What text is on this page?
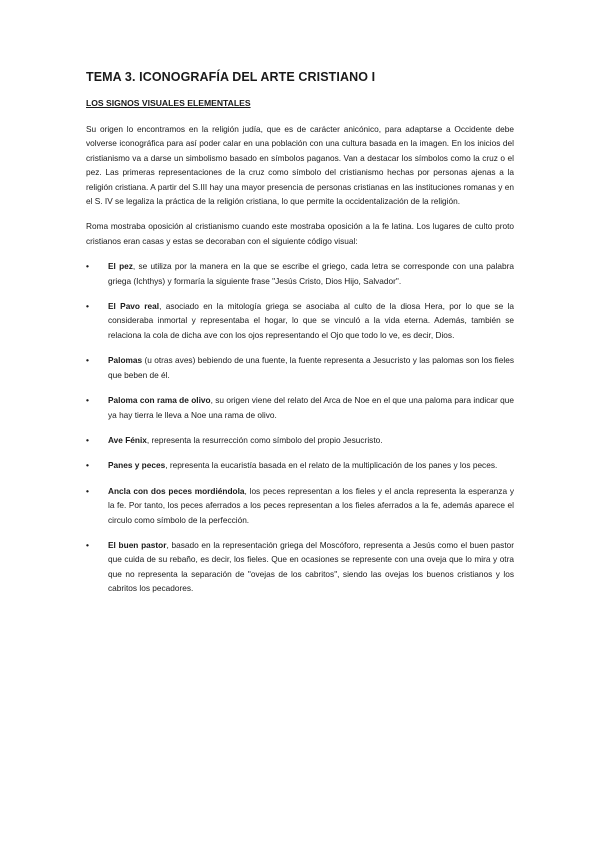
TEMA 3. ICONOGRAFÍA DEL ARTE CRISTIANO I
LOS SIGNOS VISUALES ELEMENTALES

Su origen lo encontramos en la religión judía, que es de carácter anicónico, para adaptarse a Occidente debe volverse iconográfica para así poder calar en una población con una cultura basada en la imagen. En los inicios del cristianismo va a darse un simbolismo basado en símbolos paganos. Van a destacar los símbolos como la cruz o el pez. Las primeras representaciones de la cruz como símbolo del cristianismo hechas por personas ajenas a la religión cristiana. A partir del S.III hay una mayor presencia de personas cristianas en las instituciones romanas y en el S. IV se legaliza la práctica de la religión cristiana, lo que permite la occidentalización de la religión.

Roma mostraba oposición al cristianismo cuando este mostraba oposición a la fe latina. Los lugares de culto proto cristianos eran casas y estas se decoraban con el siguiente código visual:

• El pez, se utiliza por la manera en la que se escribe el griego, cada letra se corresponde con una palabra griega (Ichthys) y formaría la siguiente frase "Jesús Cristo, Dios Hijo, Salvador".
• El Pavo real, asociado en la mitología griega se asociaba al culto de la diosa Hera, por lo que se la consideraba inmortal y representaba el hogar, lo que se vinculó a la vida eterna. Además, también se relaciona la cola de dicha ave con los ojos representando el Ojo que todo lo ve, es decir, Dios.
• Palomas (u otras aves) bebiendo de una fuente, la fuente representa a Jesucristo y las palomas son los fieles que beben de él.
• Paloma con rama de olivo, su origen viene del relato del Arca de Noe en el que una paloma para indicar que ya hay tierra le lleva a Noe una rama de olivo.
• Ave Fénix, representa la resurrección como símbolo del propio Jesucristo.
• Panes y peces, representa la eucaristía basada en el relato de la multiplicación de los panes y los peces.
• Ancla con dos peces mordiéndola, los peces representan a los fieles y el ancla representa la esperanza y la fe. Por tanto, los peces aferrados a los peces representan a los fieles aferrados a la fe, además aparece el circulo como símbolo de la perfección.
• El buen pastor, basado en la representación griega del Moscóforo, representa a Jesús como el buen pastor que cuida de su rebaño, es decir, los fieles. Que en ocasiones se represente con una oveja que lo mira y otra que no representa la separación de "ovejas de los cabritos", siendo las ovejas los buenos cristianos y los cabritos los pecadores.
